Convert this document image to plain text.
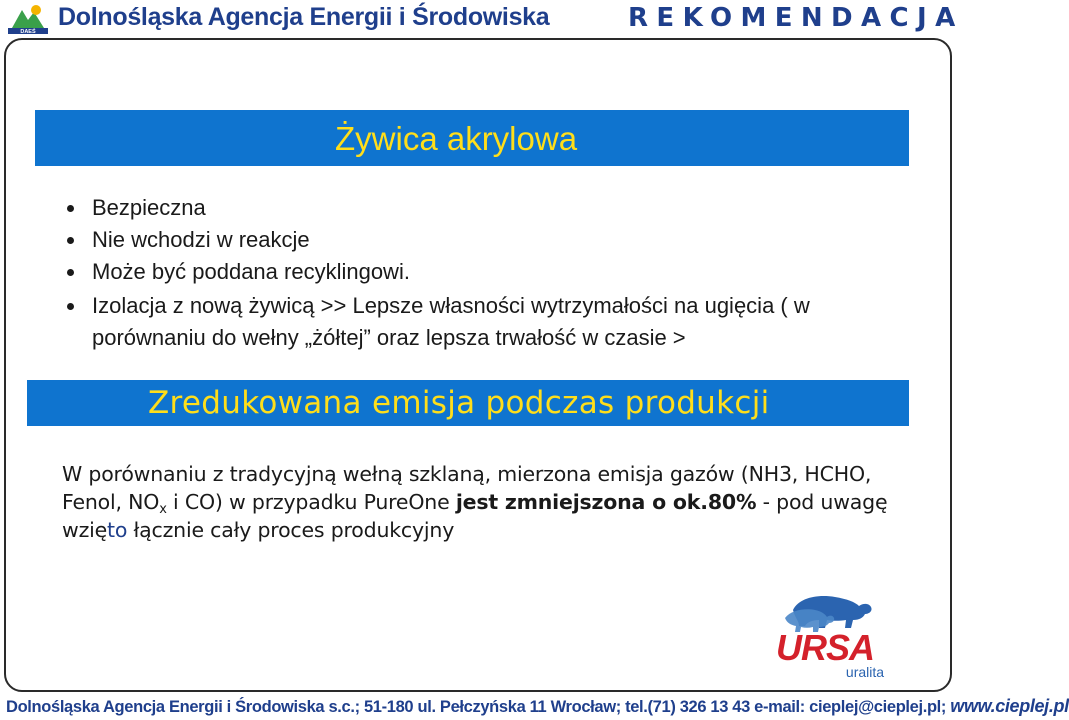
DAEŚ
Dolnośląska Agencja Energii i Środowiska	REKOMENDACJA
Żywica akrylowa
Bezpieczna
Nie wchodzi w reakcje
Może być poddana recyklingowi.
Izolacja z nową żywicą >> Lepsze własności wytrzymałości na ugięcia ( w porównaniu do wełny „żółtej” oraz lepsza trwałość w czasie >
Zredukowana emisja podczas produkcji
W porównaniu z tradycyjną wełną szklaną, mierzona emisja gazów (NH3, HCHO, Fenol, $NO_x$ i CO) w przypadku PureOne jest zmniejszona o ok.80% - pod uwagę wzięto łącznie cały proces produkcyjny
URSA
uralita
Dolnośląska Agencja Energii i Środowiska s.c.; 51-180 ul. Pełczyńska 11 Wrocław; tel.(71) 326 13 43 e-mail: cieplej@cieplej.pl; www.cieplej.pl
